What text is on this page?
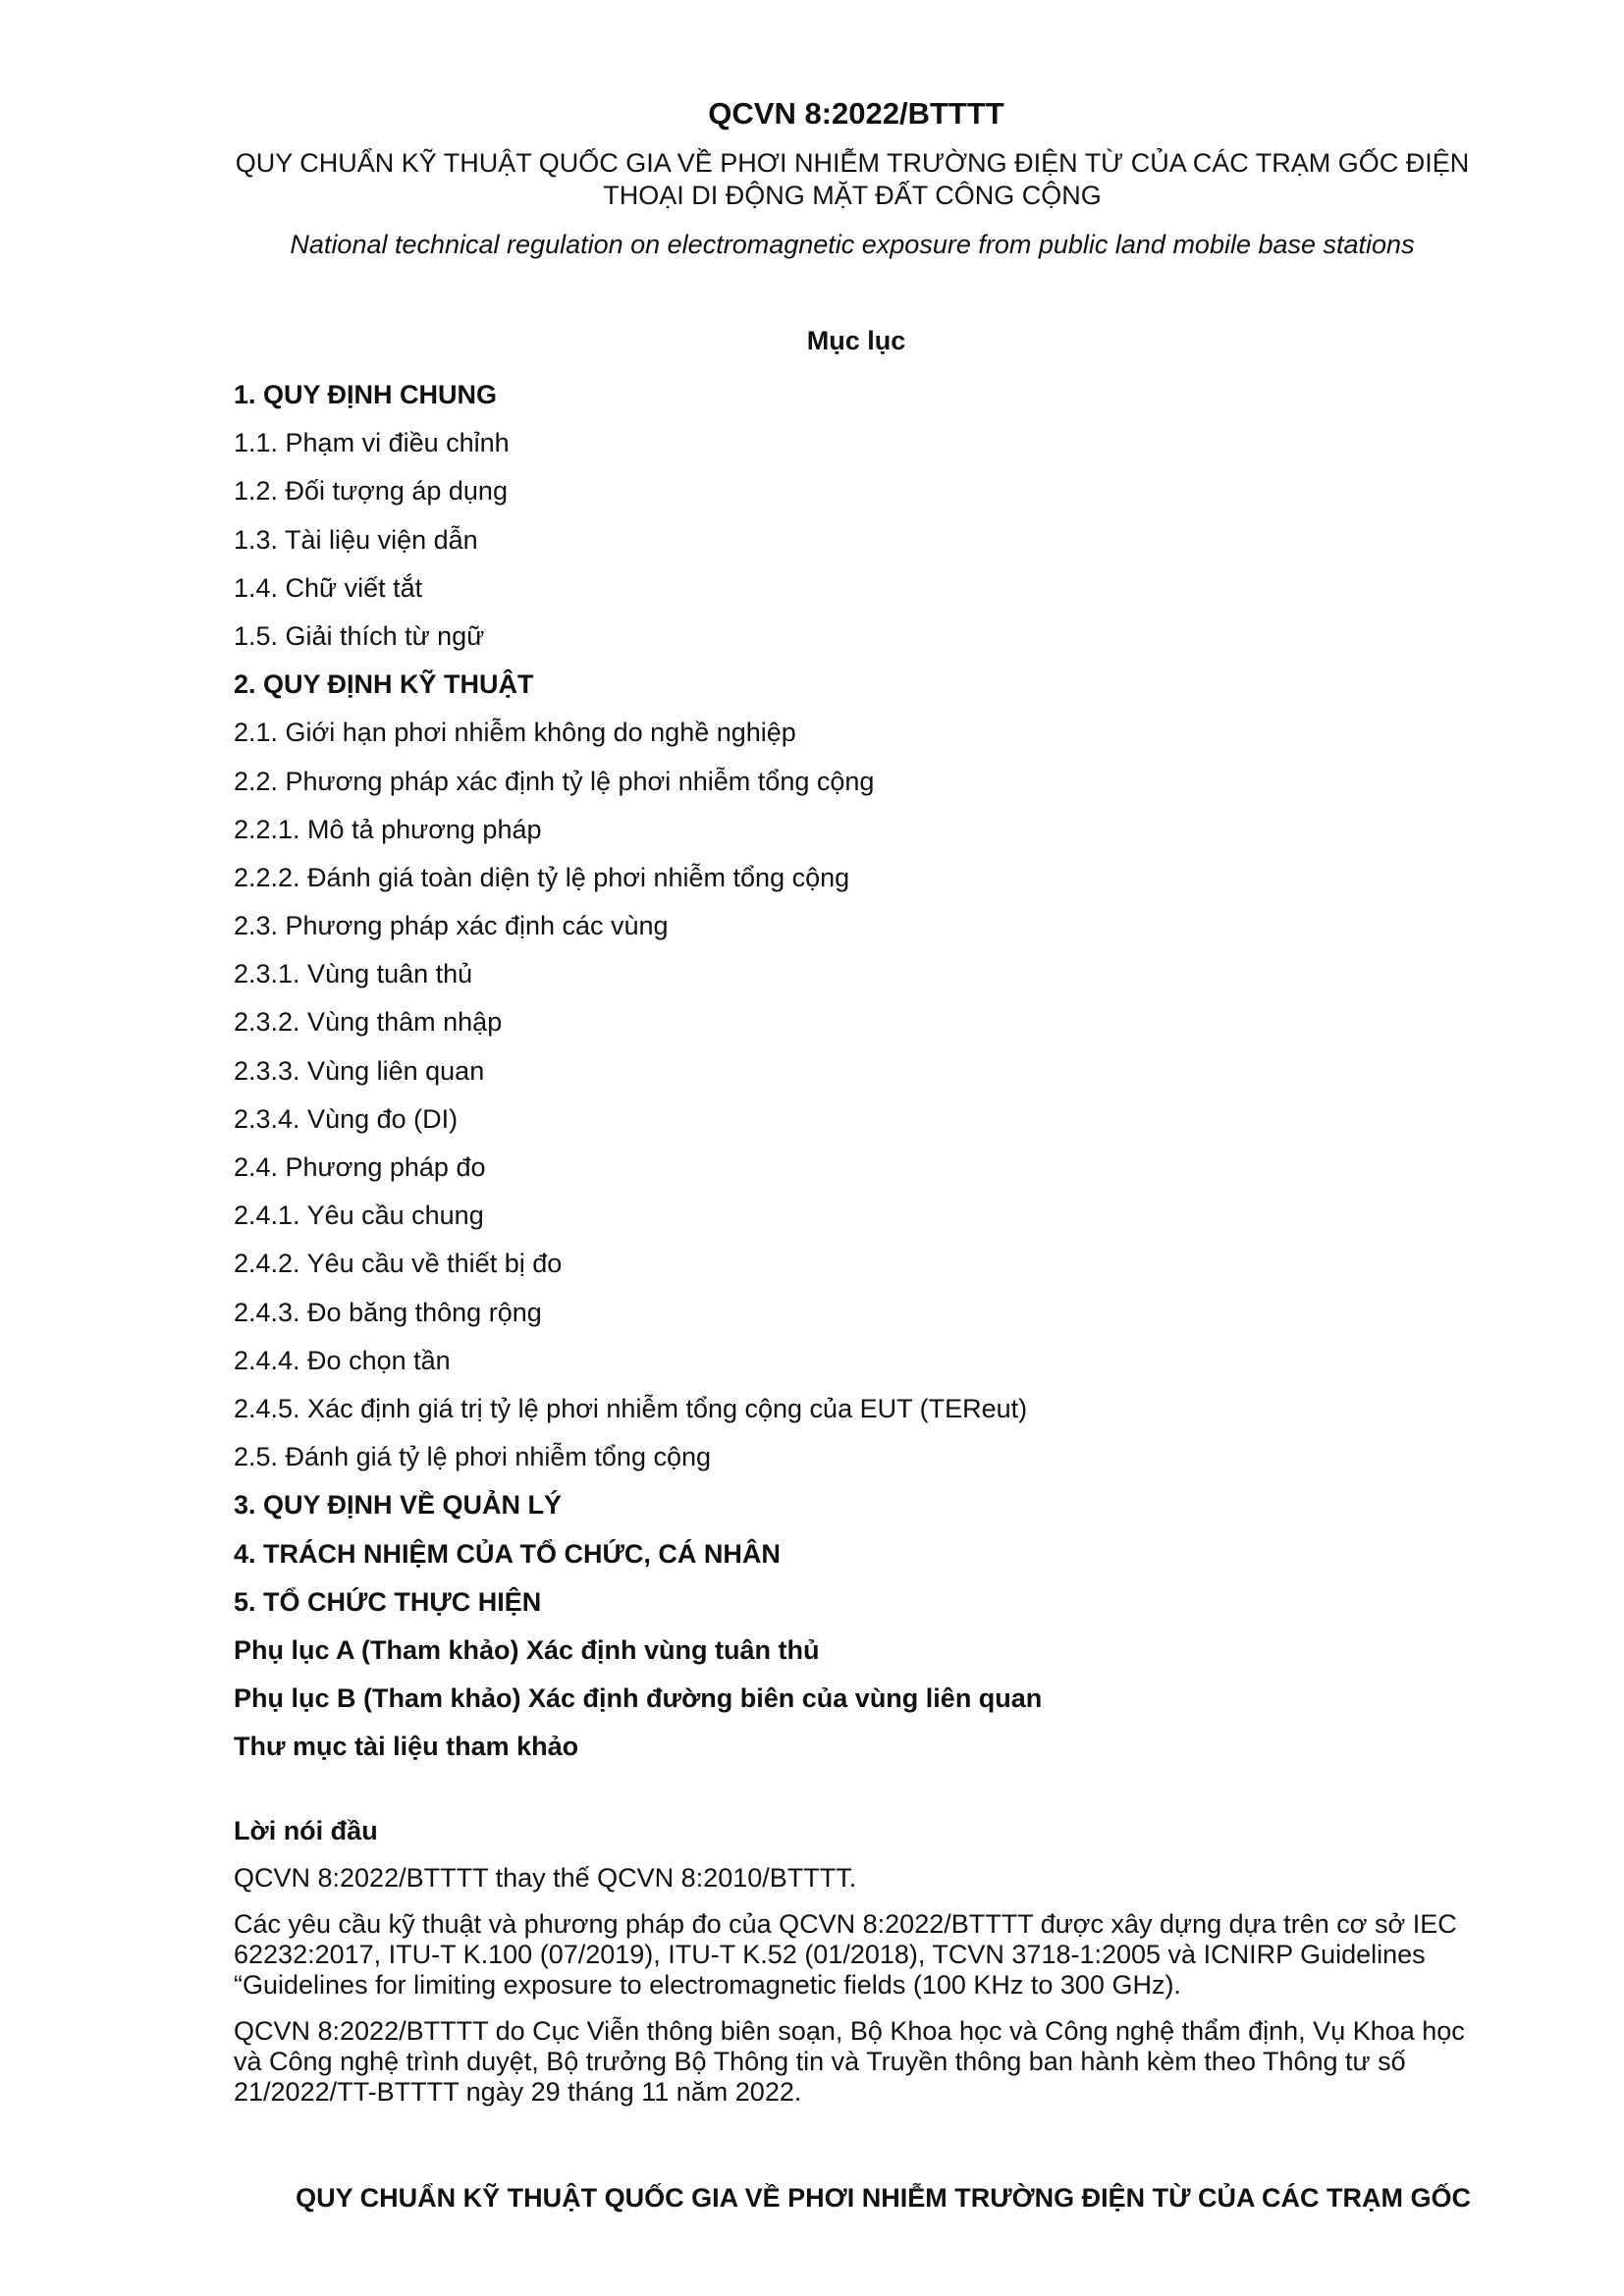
QCVN 8:2022/BTTTT
QUY CHUẨN KỸ THUẬT QUỐC GIA VỀ PHƠI NHIỄM TRƯỜNG ĐIỆN TỪ CỦA CÁC TRẠM GỐC ĐIỆN THOẠI DI ĐỘNG MẶT ĐẤT CÔNG CỘNG
National technical regulation on electromagnetic exposure from public land mobile base stations
Mục lục
1. QUY ĐỊNH CHUNG
1.1. Phạm vi điều chỉnh
1.2. Đối tượng áp dụng
1.3. Tài liệu viện dẫn
1.4. Chữ viết tắt
1.5. Giải thích từ ngữ
2. QUY ĐỊNH KỸ THUẬT
2.1. Giới hạn phơi nhiễm không do nghề nghiệp
2.2. Phương pháp xác định tỷ lệ phơi nhiễm tổng cộng
2.2.1. Mô tả phương pháp
2.2.2. Đánh giá toàn diện tỷ lệ phơi nhiễm tổng cộng
2.3. Phương pháp xác định các vùng
2.3.1. Vùng tuân thủ
2.3.2. Vùng thâm nhập
2.3.3. Vùng liên quan
2.3.4. Vùng đo (DI)
2.4. Phương pháp đo
2.4.1. Yêu cầu chung
2.4.2. Yêu cầu về thiết bị đo
2.4.3. Đo băng thông rộng
2.4.4. Đo chọn tần
2.4.5. Xác định giá trị tỷ lệ phơi nhiễm tổng cộng của EUT (TEReut)
2.5. Đánh giá tỷ lệ phơi nhiễm tổng cộng
3. QUY ĐỊNH VỀ QUẢN LÝ
4. TRÁCH NHIỆM CỦA TỔ CHỨC, CÁ NHÂN
5. TỔ CHỨC THỰC HIỆN
Phụ lục A (Tham khảo) Xác định vùng tuân thủ
Phụ lục B (Tham khảo) Xác định đường biên của vùng liên quan
Thư mục tài liệu tham khảo
Lời nói đầu

QCVN 8:2022/BTTTT thay thế QCVN 8:2010/BTTTT.

Các yêu cầu kỹ thuật và phương pháp đo của QCVN 8:2022/BTTTT được xây dựng dựa trên cơ sở IEC 62232:2017, ITU-T K.100 (07/2019), ITU-T K.52 (01/2018), TCVN 3718-1:2005 và ICNIRP Guidelines “Guidelines for limiting exposure to electromagnetic fields (100 KHz to 300 GHz).

QCVN 8:2022/BTTTT do Cục Viễn thông biên soạn, Bộ Khoa học và Công nghệ thẩm định, Vụ Khoa học và Công nghệ trình duyệt, Bộ trưởng Bộ Thông tin và Truyền thông ban hành kèm theo Thông tư số 21/2022/TT-BTTTT ngày 29 tháng 11 năm 2022.

QUY CHUẨN KỸ THUẬT QUỐC GIA VỀ PHƠI NHIỄM TRƯỜNG ĐIỆN TỪ CỦA CÁC TRẠM GỐC
